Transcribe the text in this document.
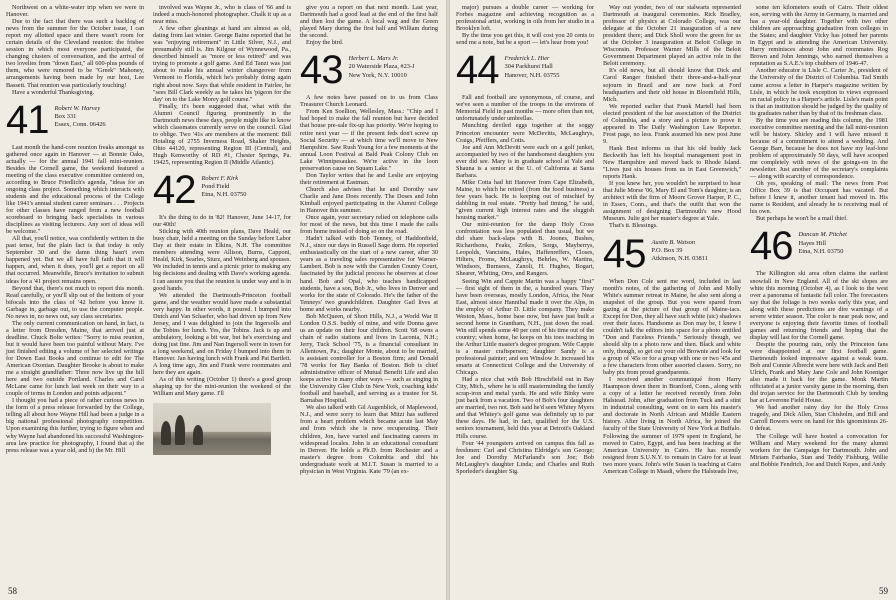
Northwest on a white-water trip when we were in Hanover.

Due to the fact that there was such a backlog of news from the summer for the October issue, I can report my allotted space and there wasn't room for certain details of the Cleveland reunion: the frisbee session in which most everyone participated, the changing clusters of conversation, and the arrival of two lovelies from "down East," all 600-plus pounds of them, who were rumored to be "Greek" Mahoney, arrangements having been made by our host, Lee Bassett. That reunion was particularly touching!

Have a wonderful Thanksgiving.

41 Robert W. Harvey
Box 331
Essex, Conn. 06426

Last month the hand-core reunion freaks amongst us gathered once again in Hanover — at Bonnie Oaks, actually — for the annual 1941 fall mini-reunion. Besides the Cornell game, the weekend featured a meeting of the class executive committee centered on, according to Bruce Friedlich's agenda, "ideas for an ongoing class project. Something which interacts with students and the educational process of the College like 1941's annual student career seminars . . . Projects for other classes have ranged from a new football scoreboard to bringing back specialists in various disciplines as visiting lecturers. Any sort of ideas will be welcome."

All that, you'll notice, was confidently written in the past tense, but the plain fact is that today is only September 30 and the damn thing hasn't even happened yet. But we all have full faith that it will happen, and, when it does, you'll get a report on all that occurred. Meanwhile, Bruce's invitation to submit ideas for a '41 project remains open.

Beyond that, there's not much to report this month. Read carefully, or you'll slip out of the bottom of your bifocals into the class of '42 before you know it. Garbage in, garbage out, to use the computer people. No news in, no news out, say class secretaries.

The only current communication on hand, in fact, is a letter from Dresden, Maine, that arrived just at deadline. Chuck Bolte writes: "Sorry to miss reunion, but it would have been too painful without Mary. I've just finished editing a volume of her selected writings for Down East Books and continue to edit for The American Oxonian. Daughter Brooke is about to make me a straight grandfather: Three now live up the hill here and two outside Portland. Charles and Carol McLane came for lunch last week on their way to a couple of terms in London and points adjacent."

I thought you had a piece of rather curious news in the form of a press release forwarded by the College, telling all about how Wayne Hill had been a judge in a big national professional photography competition. Upon examining this further, trying to figure when and why Wayne had abandoned his successful Washington-area law practice for photography, I found that a) the press release was a year old, and b) the Mr. Hill

involved was Wayne Jr., who is class of '66 and is indeed a much-honored photographer. Chalk it up as a near miss.

A few other gleanings at hand are almost as old, dating from last winter. George Baine reported that he was "enjoying retirement" in Little Silver, N.J., and presumably still is. Jim Kilgour of Wynnewood, Pa., described himself as "more or less retired" and was trying to promote a golf game. And Ed Tanzi was just about to make his annual winter changeover from Vermont to Florida, which he's probably doing again right about now. Says that while resident in Fairlee, he "sees Bill Clark weekly as he takes his 'pigeon for the day' on to the Lake Morey golf course."

Finally, it's been suggested that, what with the Alumni Council figuring prominently in the Dartmouth news these days, people might like to know which classmates currently serve on the council. Glad to oblige. Two '41s are members at the moment: Bill Hotaling of 2755 Inverness Road, Shaker Heights, Ohio 44120, representing Region III (Central), and Hugh Kenworthy of RD #1, Chester Springs, Pa. 19425, representing Region II (Middle Atlantic).

42 Robert F. Kirk
Pond Field
Etna, N.H. 03750

It's the thing to do in '82! Hanover, June 14-17, for our 40th!

Sticking with 40th reunion plans, Dave Heald, our busy chair, held a meeting on the Sunday before Labor Day at their estate in Elkins, N.H. The committee members attending were Allison, Burns, Capponi, Heald, Kirk, Searles, Sturz, and Weinberg and spouses. We included in tennis and a picnic prior to making any big decisions and dealing with Dave's working agenda. I can assure you that the reunion is under way and is in good hands.

We attended the Dartmouth-Princeton football game, and the weather would have made a substantial very happy. In other words, it poured. I bumped into Dutch and Van Schaefer, who had driven up from New Jersey, and I was delighted to join the Ingersolls and the Tobins for lunch. Yes, the Tobins. Jack is up and ambulatory, looking a bit war, but he's exercising and doing just fine. Jim and Nan Ingersoll were in town for a long weekend, and on Friday I bumped into them in Hanover. Jan having lunch with Frank and Pat Bartlett. A long time ago, Jim and Frank were roommates and here they are again.

As of this writing (October 1) there's a good group shaping up for the mini-reunion the weekend of the William and Mary game. I'll

give you a report on that next month. Last year, Dartmouth had a good lead at the end of the first half and then lost the game. A local wag and the Green played Mary during the first half and William during the second.

Enjoy the bird.

43 Herbert L. Mars Jr.
20 Waterside Plaza, #23-J
New York, N.Y. 10010

A few notes have passed on to us from Class Treasurer Church Leonard.

From Ken Soellion, Wellesley, Mass.: "Chip and I had hoped to make the fall reunion but have decided that house pre-sale fix-up has priority. We're hoping to retire next year — if the present feds don't screw up Social Security — at which time we'll move to New Hampshire. Saw Rush Young for a few moments at the annual Loon Festival at Bald Peak Colony Club on Lake Winnipesaukee. We're active in the loon preservation cause on Squam Lake."

Don Taylor writes that he and Leslie are enjoying their retirement at Eastman.

Church also advises that he and Dorothy saw Charlie and Jane Does recently. The Doses and John Kimball enjoyed participating in the Alumni College in Hanover this summer.

Once again, your secretary relied on telephone calls for most of the news, but this time I made the calls from home instead of doing so on the road.

Hadn't talked with Bob Tenney, of Haddonfield, N.J., since our days in Russell Sage dorm. He reported enthusiastically on the start of a new career, after 30 years as a traveling sales representative for Warner-Lambert. Bob is now with the Camden County Court, fascinated by the judicial process he observes at close hand. Bob and Opal, who teaches handicapped students, have a son, Bob Jr., who lives in Denver and works for the state of Colorado. He's the father of the Tenneys' two grandchildren. Daughter Gail lives at home and works nearby.

Bob McQueen, of Short Hills, N.J., a World War II London O.S.S. buddy of mine, and wife Donna gave us an update on their four children. Scott '68 owns a chain of radio stations and lives in Laconia, N.H.; Jerry, Tuck School '75, is a financial consultant in Allentown, Pa.; daughter Monte, about to be married, is assistant controller for a Boston firm; and Donald '78 works for Bay Banks of Boston. Bob is chief administrative officer of Mutual Benefit Life and also keeps active in many other ways — such as singing in the University Glee Club in New York, coaching kids' football and baseball, and serving as a trustee for St. Barnabas Hospital.

We also talked with Gil Augenblick, of Maplewood, N.J., and were sorry to learn that Mitzi has suffered from a heart problem which became acute last May and from which she is now recuperating. Their children, Jon, have varied and fascinating careers in widespread locales. John is an educational consultant in Denver. He holds a Ph.D. from Rochester and a master's degree from Columbia and did his undergraduate work at M.I.T. Susan is married to a physician in West Virginia. Kate '79 (an ex-

58

major) pursues a double career — working for Forbes magazine and achieving recognition as a professional artist, working in oils from her studio in a Brooklyn loft.

By the time you get this, it will cost you 20 cents to send me a note, but be a sport — let's hear from you!

44 Frederick L. Hier
304 Parkhurst Hall
Hanover, N.H. 03755

Fall and football are synonymous, of course, and we've seen a number of the troops in the environs of Memorial Field in past months — more often than not, unfortunately under umbrellas.

Munching deviled eggs together at the soggy Princeton encounter were McDevitts, McLaughrys, Craigs, Pfeiffers, and Cotts.

Joe and Ann McDevitt were each on a golf junket, accompanied by two of the handsomest daughters you ever did see. Mary is in graduate school at Yale and Shauna is a senior at the U. of California at Santa Barbara.

Mike Cotta had hit Hanover from Cape Elizabeth, Maine, to which he retired (from the food business) a few years back. He is keeping out of mischief by dabbling in real estate. "Pretty bad timing," he said, "given current high interest rates and the sluggish housing market."

Our mini-reunion for the damp Holy Cross confrontation was less populated than usual, but we did share back-slaps with B. Joones, Bushes, Richardsons, Feaks, Zrikes, Sorgs, Mayberrys, Leopolds, Vancisins, Hales, Haffenreffers, Closes, Hilters, Froms, McLaughrys, Behrles, W. Martins, Windsors, Burnsees, Zanoli, H. Hughes, Bogart, Shearer, Whiting, Orrs, and Rangers.

Seeing Win and Cappie Martin was a happy "first" — first sight of them in the, a hundred years. They have been overseas, mostly London, Africa, the Near East, almost since Hannibal made it over the Alps, in the employ of Arthur D. Little company. They make Weston, Mass., home base now, but have just built a second home in Grantham, N.H., just down the road. Win still spends some 40 per cent of his time out of the country; when home, he keeps on his toes teaching in the Arthur Little master's degree program. Wife Cappie is a master craftsperson; daughter Sandy is a professional painter; and son Winslow Jr. increased his smarts at Connecticut College and the University of Chicago.

Had a nice chat with Bob Hirschfield out in Bay City, Mich., where he is still masterminding the family scrap-iron and metal yards. He and wife Binky were just back from a vacation. Two of Bob's four daughters are married, two not. Bob said he'd seen Whitey Myers and that Whitey's golf game was definitely up to par these days. He had, in fact, qualified for the U.S. seniors tournament, held this year at Detroit's Oakland Hills course.

Four '44 youngsters arrived on campus this fall as freshmen: Carl and Christina Eldridge's son George; Joe and Dorothy McFarland's son Joe; Bob McLaughry's daughter Linda; and Charles and Ruth Sporleder's daughter Sig.

Way out yonder, two of our stalwarts represented Dartmouth at inaugural ceremonies. Rick Bradley, professor of physics at Colorado College, was our delegate at the October 21 inauguration of a new president there; and Dick Sholl wore the green for us at the October 3 inauguration at Beloit College in Wisconsin. Professor Warner Mills of the Beloit Government Department played an active role in the Beloit ceremony.

It's old news, but all should know that Dick and Carol Ranger finished their three-and-a-half-year sojourn in Brazil and are now back at Ford headquarters and their old house in Bloomfield Hills, Mich.

We reported earlier that Frank Martell had been elected president of the bar association of the District of Columbia, and a story and a picture to prove it appeared in The Daily Washington Law Reporter. Frost page, no less. Frank assumed his new post June 9.

Hank Best informs us that his old buddy Jack Beckwith has left his hospital management post in New Hampshire and moved back to Rhode Island. "Lives just six houses from us in East Greenwich," reports Hank.

If you knew her, you wouldn't be surprised to hear that Julie Morse '06, Mary El and Tom's daughter, is an architect with the firm of Moore Grover Harper, P. C., in Essex, Conn., and that's the outfit that won the assignment of designing Dartmouth's new Hood Museum. Julie got her master's degree at Yale.

That's it. Blessings.

45 Austin B. Watson
P.O. Box 39
Atkinson, N.H. 03811

When Don Cole sent me word, included in last month's notes, of the gathering of John and Molly White's summer retreat in Maine, he also sent along a snapshot of the group. But you were spared from gazing at the picture of that group of Maine-iacs. Except for Don, they all have such white (sic) shadows over their faces. Handsome as Don may be, I knew I couldn't talk the editors into space for a photo entitled "Don and Faceless Friends." Seriously though, we should slip in a photo now and then. Black and white only, though, so get out your old Brownie and look for a group of '45s or for a group with one or two '45s and a few characters from other assorted classes. Sorry, no baby pix from proud grandparents.

I received another communiqué from Harry Haampson down there in Branford, Conn., along with a copy of a letter he received recently from John Halstead. John, after graduation from Tuck and a stint in industrial consulting, went on to earn his master's and doctorate in North African and Middle Eastern history. After living in North Africa, he joined the faculty of the State University of New York at Buffalo. Following the summer of 1979 spent in England, he moved to Cairo, Egypt, and has been teaching at the American University in Cairo. He has recently resigned from S.U.N.Y. to remain in Cairo for at least two more years. John's wife Susan is teaching at Cairo American College in Maadi, where the Halsteads live,

some ten kilometers south of Cairo. Their oldest son, serving with the Army in Germany, is married and has a year-old daughter. Together with two other children are approaching graduation from colleges in the States; and daughter Vicky has joined her parents in Egypt and is attending the American University. Harry reminisces about John and roommates Rog Brown and John Jennings, who earned themselves a reputation as S.A.E.'s top chubbers of 1946-47.

Another educator is Lisle C. Carter Jr., president of the University of the District of Columbia. Tad Smith came across a letter in Harper's magazine written by Lisle, in which he took exception to views expressed on racial policy in a Harper's article. Lisle's main point is that an institution should be judged by the quality of its graduates rather than by that of its freshman class.

By the time you are reading this column, the 1981 executive committee meeting and the fall mini-reunion will be history. Shirley and I will have missed it because of a commitment to attend a wedding. And George Barr, because he does not have my leaf-lone problem of approximately 50 days, will have scooped me completely with news of the goings-on in the newsletter. Just another of the secretary's complaints — along with scarcity of correspondence.

Oh yes, speaking of mail: The news from Post Office Box 39 is that Occupant has vacated. But before I knew it, another tenant had moved in. His name is Resident, and already he is receiving mail of his own.

But perhaps he won't be a mail thief.

46 Duncan M. Pitchet
Hayes Hill
Etna, N.H. 03750

The Killington ski area often claims the earliest snowfall in New England. All of the ski slopes are white this morning (October 4), as I look to the west over a panorama of fantastic fall color. The forecasters say that the foliage is two weeks early this year, and along with these predictions are dire warnings of a severe winter season. The color is near peak now, and everyone is enjoying their favorite times of football games and returning friends and hoping that the display will last for the Cornell game.

Despite the pouring rain, only the Princeton fans were disappointed at our first football game. Dartmouth looked impressive against a weak team. Bob and Connie Albrecht were here with Jack and Beti Ulrich, Frank and Mary Jane Cole and John Koeniger also made it back for the game. Monk Martin officiated at a junior varsity game in the morning, then did trojan service for the Dartmouth Club by tending bar at Leverone Field House.

We had another rainy day for the Holy Cross tragedy, and Dick Allen, Stan Chisholm, and Bill and Carroll Bowers were on hand for this ignominious 26-0 defeat.

The College will have hosted a convocation for William and Mary weekend for the many alumni workers for the Campaign for Dartmouth. John and Miriam Fairbanks, Stan and Teddy Fishburg, Willie and Bobbie Fendrich, Joe and Dutch Kepes, and Andy

59
